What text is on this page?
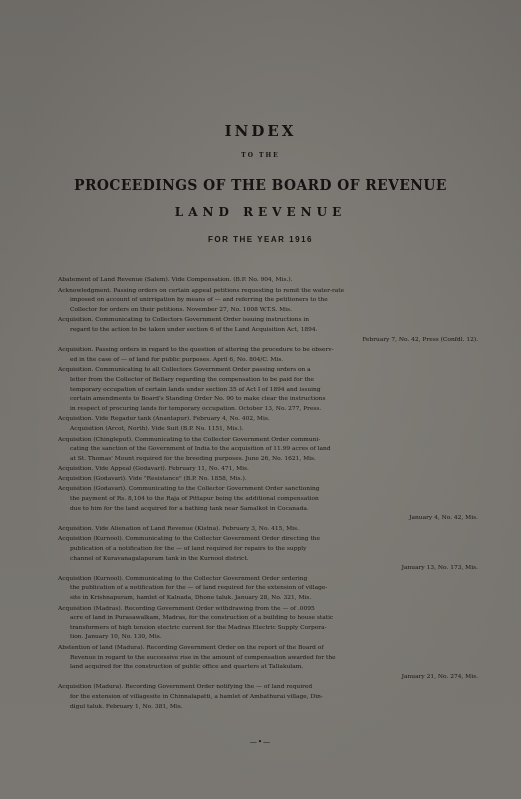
INDEX
TO THE
PROCEEDINGS OF THE BOARD OF REVENUE
LAND REVENUE
FOR THE YEAR 1916
Abatement of Land Revenue (Salem). Vide Compensation. (B.P. No. 904, Mis.).
Acknowledgment. Passing orders on certain appeal petitions requesting to remit the water-rate
imposed on account of unirrigation by means of — and referring the petitioners to the
Collector for orders on their petitions. November 27, No. 1008 W.T.S. Mis.
Acquisition. Communicating to Collectors Government Order issuing instructions in
regard to the action to be taken under section 6 of the Land Acquisition Act, 1894.
February 7, No. 42, Press (Confdl. 12).
Acquisition. Passing orders in regard to the question of altering the procedure to be observ-
ed in the case of — of land for public purposes. April 6, No. 804/C. Mis.
Acquisition. Communicating to all Collectors Government Order passing orders on a
letter from the Collector of Bellary regarding the compensation to be paid for the
temporary occupation of certain lands under section 35 of Act I of 1894 and issuing
certain amendments to Board's Standing Order No. 90 to make clear the instructions
in respect of procuring lands for temporary occupation. October 13, No. 277, Press.
Acquisition. Vide Regadur tank (Anantapur). February 4, No. 402, Mis.
Acquisition (Arcot, North). Vide Suit (B.P. No. 1151, Mis.).
Acquisition (Chingleput). Communicating to the Collector Government Order communi-
cating the sanction of the Government of India to the acquisition of 11.99 acres of land
at St. Thomas' Mount required for the breeding purposes. June 26, No. 1621, Mis.
Acquisition. Vide Appeal (Godavari). February 11, No. 471, Mis.
Acquisition (Godavari). Vide "Resistance" (B.P. No. 1858, Mis.).
Acquisition (Godavari). Communicating to the Collector Government Order sanctioning
the payment of Rs. 8,104 to the Raja of Pittapur being the additional compensation
due to him for the land acquired for a bathing tank near Samalkot in Cocanada.
January 4, No. 42, Mis.
Acquisition. Vide Alienation of Land Revenue (Kistna). February 3, No. 415, Mis.
Acquisition (Kurnool). Communicating to the Collector Government Order directing the
publication of a notification for the — of land required for repairs to the supply
channel of Kuravanagalapuram tank in the Kurnool district.
January 13, No. 173, Mis.
Acquisition (Kurnool). Communicating to the Collector Government Order ordering
the publication of a notification for the — of land required for the extension of village-
site in Krishnapuram, hamlet of Kalnada, Dhone taluk. January 28, No. 321, Mis.
Acquisition (Madras). Recording Government Order withdrawing from the — of .0095
acre of land in Purasawalkam, Madras, for the construction of a building to house static
transformers of high tension electric current for the Madras Electric Supply Corpora-
tion. January 10, No. 130, Mis.
Abstention of land (Madura). Recording Government Order on the report of the Board of
Revenue in regard to the successive rise in the amount of compensation awarded for the
land acquired for the construction of public office and quarters at Tallakulam.
January 21, No. 274, Mis.
Acquisition (Madura). Recording Government Order notifying the — of land required
for the extension of villagesite in Chinnalapatti, a hamlet of Ambathurai village, Din-
digul taluk. February 1, No. 381, Mis.
—•—
